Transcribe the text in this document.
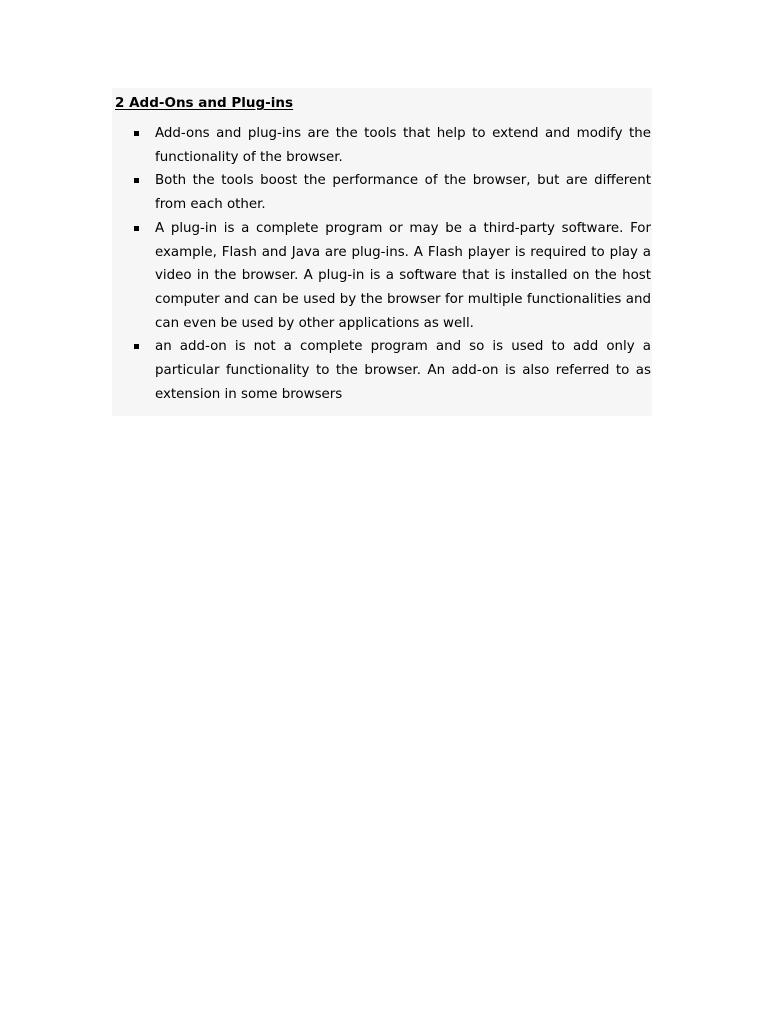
2 Add-Ons and Plug-ins
Add-ons and plug-ins are the tools that help to extend and modify the functionality of the browser.
Both the tools boost the performance of the browser, but are different from each other.
A plug-in is a complete program or may be a third-party software. For example, Flash and Java are plug-ins. A Flash player is required to play a video in the browser. A plug-in is a software that is installed on the host computer and can be used by the browser for multiple functionalities and can even be used by other applications as well.
an add-on is not a complete program and so is used to add only a particular functionality to the browser. An add-on is also referred to as extension in some browsers
